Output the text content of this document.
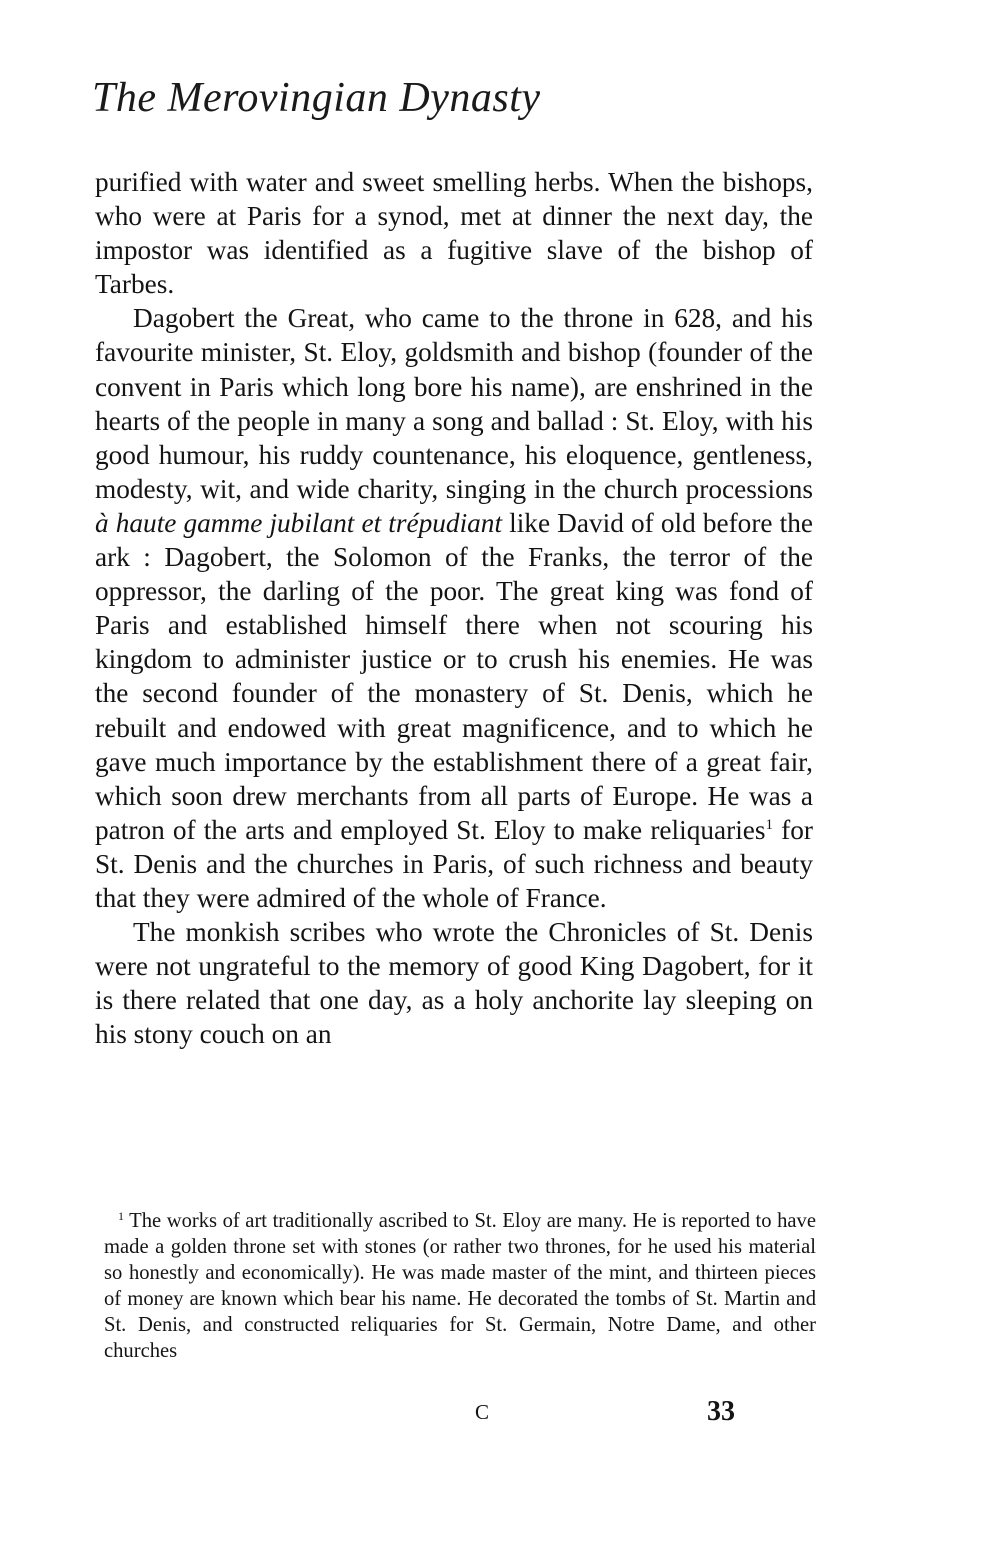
The Merovingian Dynasty

purified with water and sweet smelling herbs. When the bishops, who were at Paris for a synod, met at dinner the next day, the impostor was identified as a fugitive slave of the bishop of Tarbes.

Dagobert the Great, who came to the throne in 628, and his favourite minister, St. Eloy, goldsmith and bishop (founder of the convent in Paris which long bore his name), are enshrined in the hearts of the people in many a song and ballad : St. Eloy, with his good humour, his ruddy countenance, his eloquence, gentleness, modesty, wit, and wide charity, singing in the church processions à haute gamme jubilant et trépudiant like David of old before the ark : Dagobert, the Solomon of the Franks, the terror of the oppressor, the darling of the poor. The great king was fond of Paris and established himself there when not scouring his kingdom to administer justice or to crush his enemies. He was the second founder of the monastery of St. Denis, which he rebuilt and endowed with great magnificence, and to which he gave much importance by the establishment there of a great fair, which soon drew merchants from all parts of Europe. He was a patron of the arts and employed St. Eloy to make reliquaries$^1$ for St. Denis and the churches in Paris, of such richness and beauty that they were admired of the whole of France.

The monkish scribes who wrote the Chronicles of St. Denis were not ungrateful to the memory of good King Dagobert, for it is there related that one day, as a holy anchorite lay sleeping on his stony couch on an

$^1$ The works of art traditionally ascribed to St. Eloy are many. He is reported to have made a golden throne set with stones (or rather two thrones, for he used his material so honestly and economically). He was made master of the mint, and thirteen pieces of money are known which bear his name. He decorated the tombs of St. Martin and St. Denis, and constructed reliquaries for St. Germain, Notre Dame, and other churches

C	33
